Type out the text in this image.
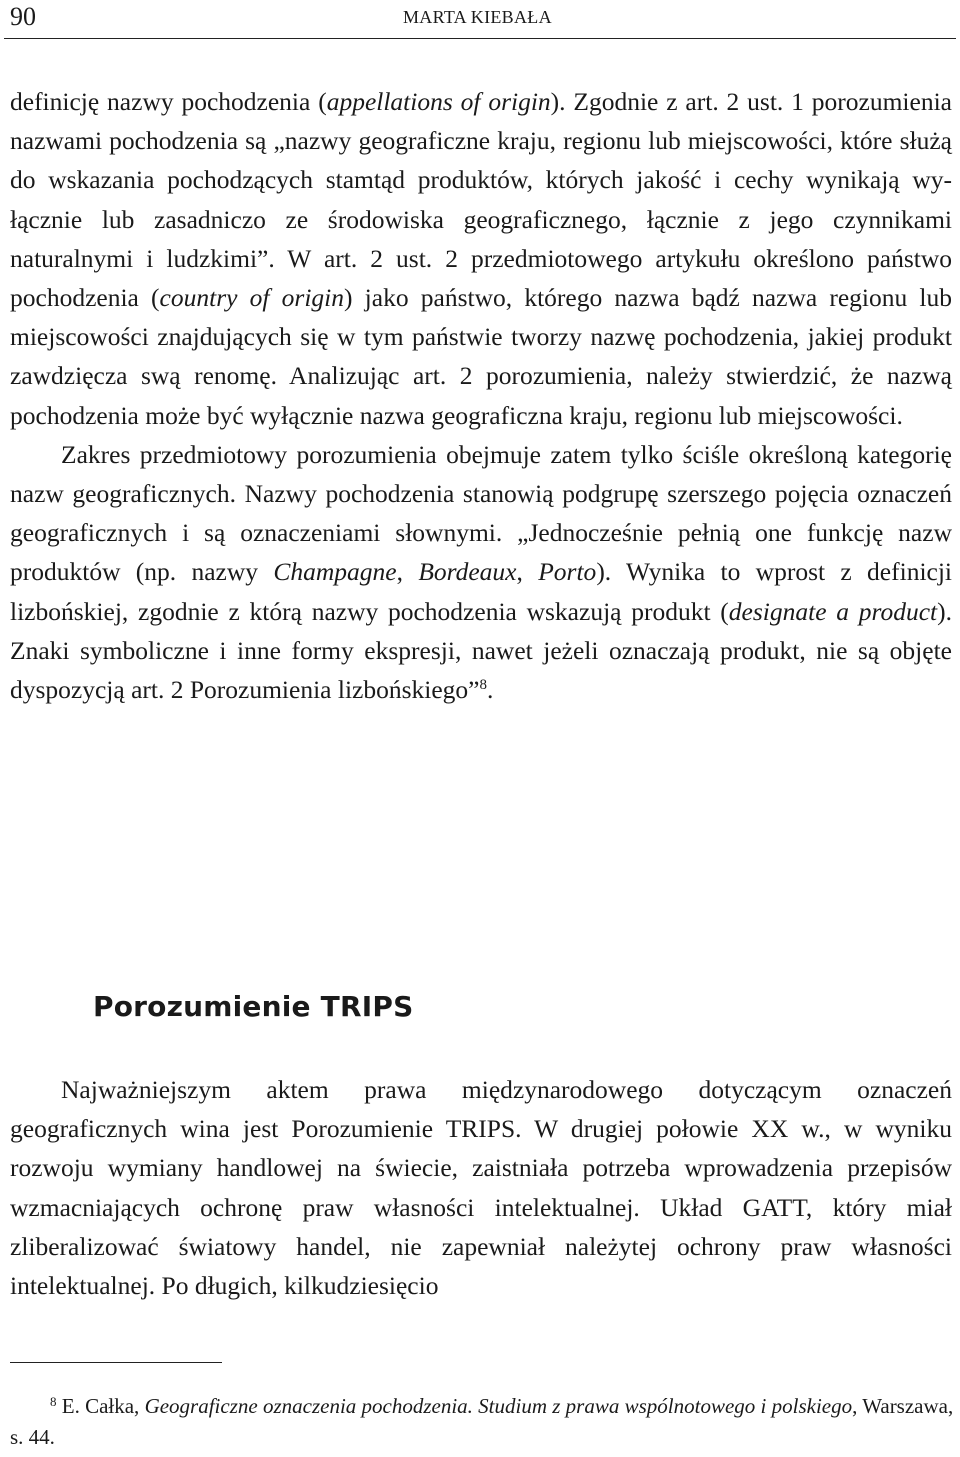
90	MARTA KIEBAŁA

definicję nazwy pochodzenia (appellations of origin). Zgodnie z art. 2 ust. 1 porozumienia nazwami pochodzenia są „nazwy geograficzne kraju, regionu lub miejscowości, które służą do wskazania pochodzących stamtąd produktów, których jakość i cechy wynikają wyłącznie lub zasadniczo ze środowiska geograficznego, łącznie z jego czynnikami naturalnymi i ludzkimi”. W art. 2 ust. 2 przedmiotowego artykułu określono państwo pochodzenia (country of origin) jako państwo, którego nazwa bądź nazwa regionu lub miejscowości znajdujących się w tym państwie tworzy nazwę pochodzenia, jakiej produkt zawdzięcza swą renomę. Analizując art. 2 porozumienia, należy stwierdzić, że nazwą pochodzenia może być wyłącznie nazwa geograficzna kraju, regionu lub miejscowości.

Zakres przedmiotowy porozumienia obejmuje zatem tylko ściśle określoną kategorię nazw geograficznych. Nazwy pochodzenia stanowią podgrupę szerszego pojęcia oznaczeń geograficznych i są oznaczeniami słownymi. „Jednocześnie pełnią one funkcję nazw produktów (np. nazwy Champagne, Bordeaux, Porto). Wynika to wprost z definicji lizbońskiej, zgodnie z którą nazwy pochodzenia wskazują produkt (designate a product). Znaki symboliczne i inne formy ekspresji, nawet jeżeli oznaczają produkt, nie są objęte dyspozycją art. 2 Porozumienia lizbońskiego”$^8$.

Porozumienie TRIPS

Najważniejszym aktem prawa międzynarodowego dotyczącym oznaczeń geograficznych wina jest Porozumienie TRIPS. W drugiej połowie XX w., w wyniku rozwoju wymiany handlowej na świecie, zaistniała potrzeba wprowadzenia przepisów wzmacniających ochronę praw własności intelektualnej. Układ GATT, który miał zliberalizować światowy handel, nie zapewniał należytej ochrony praw własności intelektualnej. Po długich, kilkudziesięcio

$^8$ E. Całka, Geograficzne oznaczenia pochodzenia. Studium z prawa wspólnotowego i polskiego, Warszawa, s. 44.
